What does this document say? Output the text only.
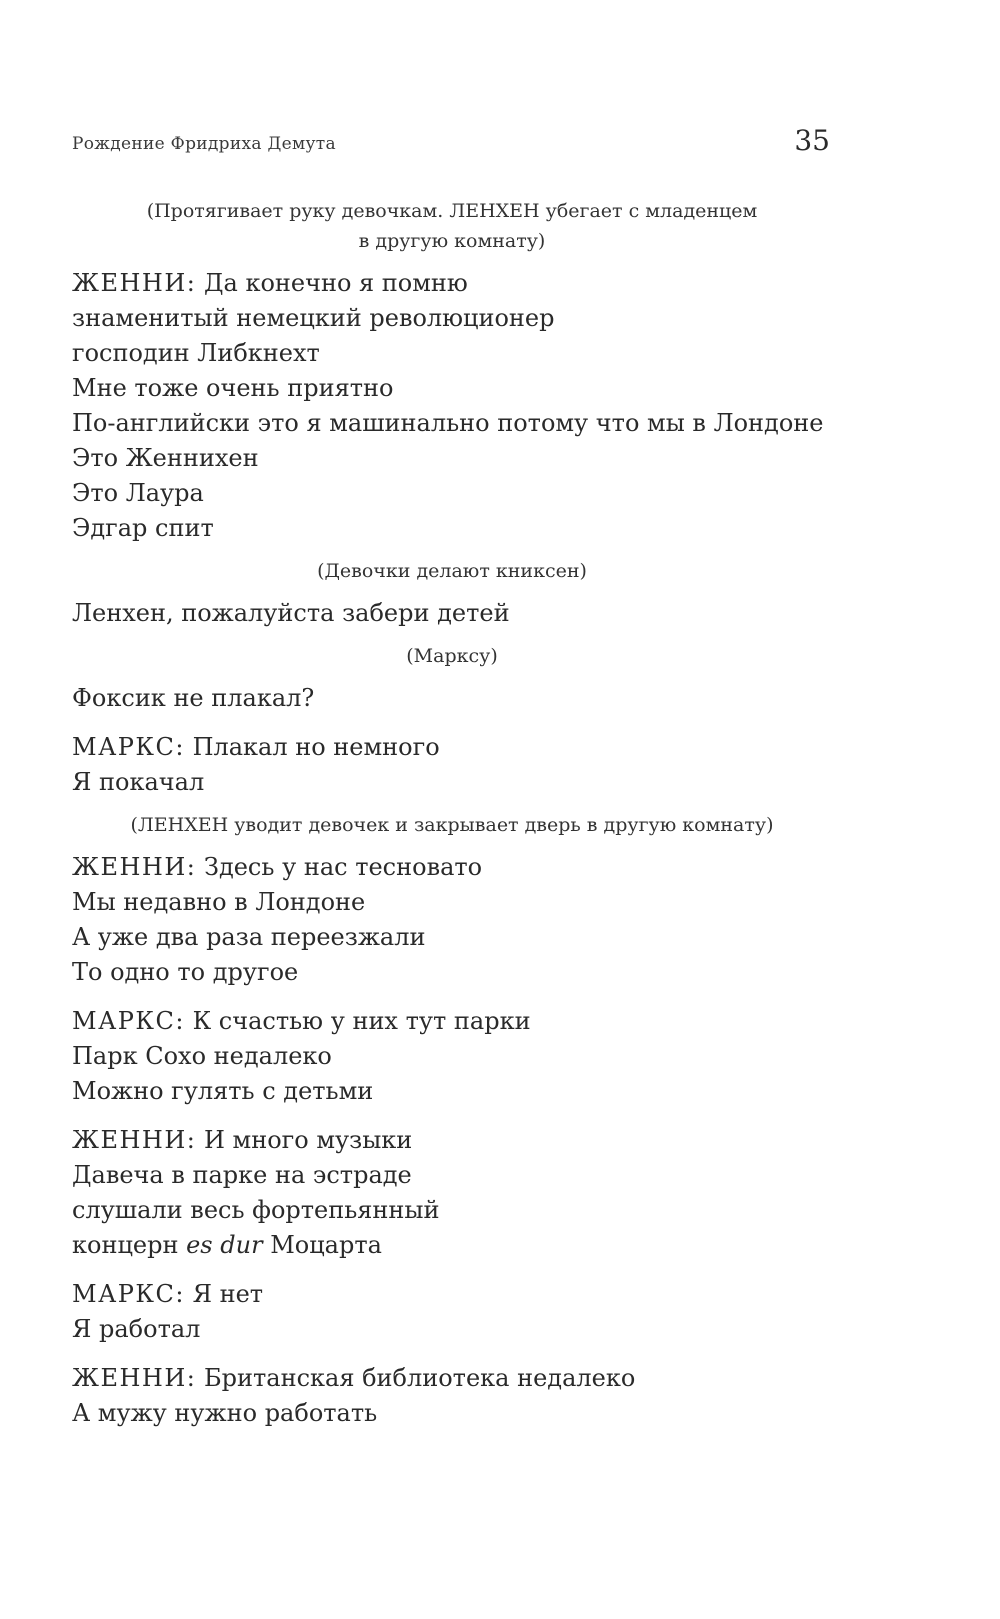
Рождение Фридриха Демута	35

(Протягивает руку девочкам. ЛЕНХЕН убегает с младенцем
в другую комнату)

ЖЕННИ: Да конечно я помню
знаменитый немецкий революционер
господин Либкнехт
Мне тоже очень приятно
По-английски это я машинально потому что мы в Лондоне
Это Женнихен
Это Лаура
Эдгар спит

(Девочки делают книксен)

Ленхен, пожалуйста забери детей

(Марксу)

Фоксик не плакал?

МАРКС: Плакал но немного
Я покачал

(ЛЕНХЕН уводит девочек и закрывает дверь в другую комнату)

ЖЕННИ: Здесь у нас тесновато
Мы недавно в Лондоне
А уже два раза переезжали
То одно то другое

МАРКС: К счастью у них тут парки
Парк Сохо недалеко
Можно гулять с детьми

ЖЕННИ: И много музыки
Давеча в парке на эстраде
слушали весь фортепьянный
концерн es dur Моцарта

МАРКС: Я нет
Я работал

ЖЕННИ: Британская библиотека недалеко
А мужу нужно работать
